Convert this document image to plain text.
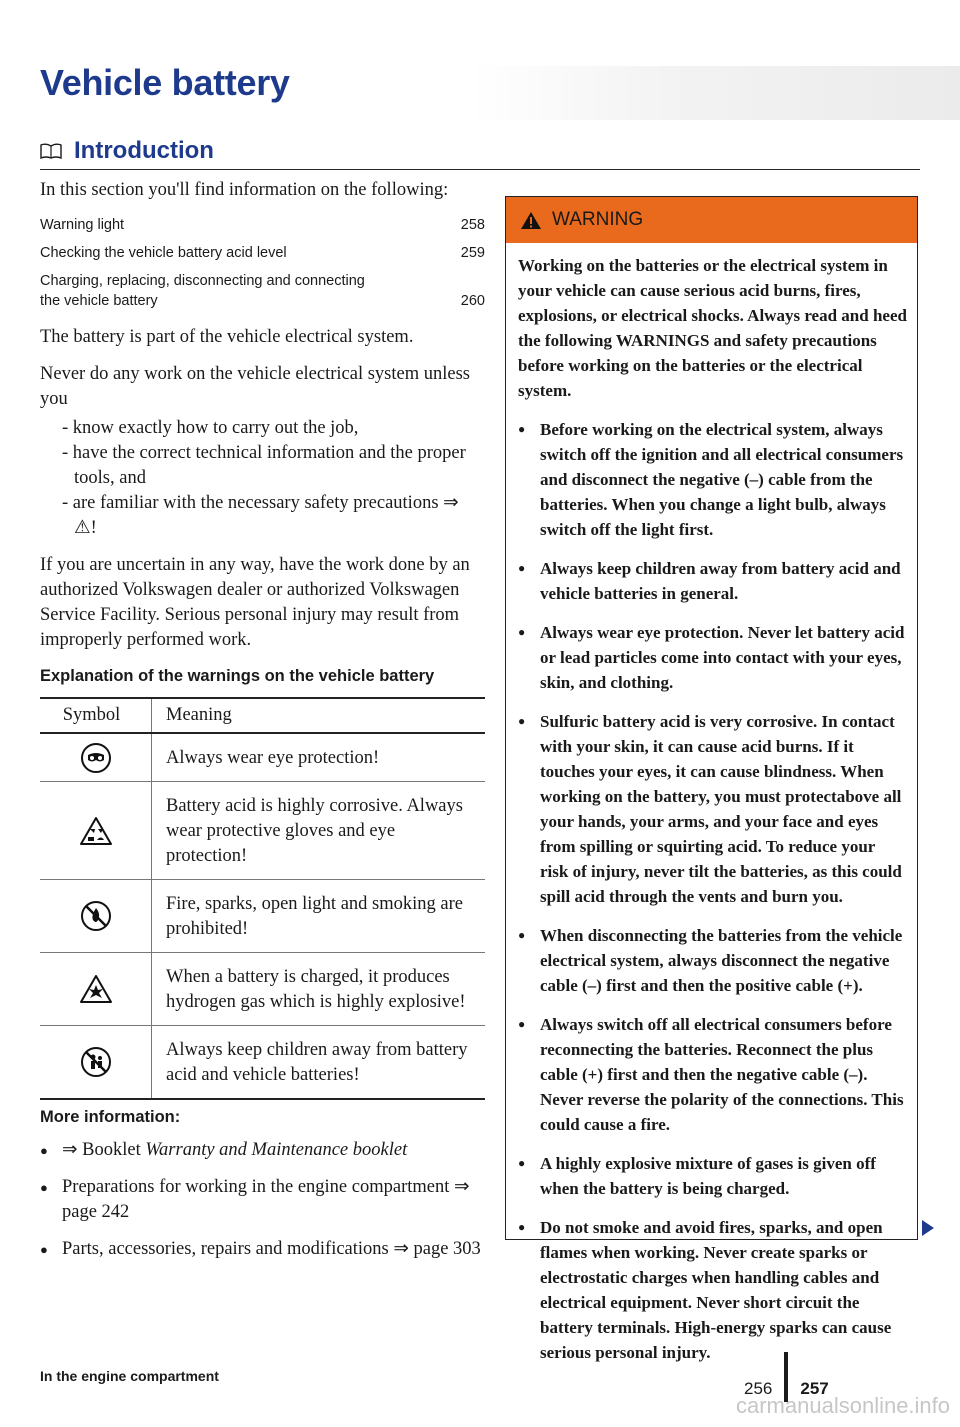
Vehicle battery
Introduction

In this section you'll find information on the following:

Warning light	258
Checking the vehicle battery acid level	259
Charging, replacing, disconnecting and connecting
the vehicle battery	260

The battery is part of the vehicle electrical system.

Never do any work on the vehicle electrical system unless you

- know exactly how to carry out the job,
- have the correct technical information and the proper tools, and
- are familiar with the necessary safety precautions ⇒ ⚠!

If you are uncertain in any way, have the work done by an authorized Volkswagen dealer or authorized Volkswagen Service Facility. Serious personal injury may result from improperly performed work.

Explanation of the warnings on the vehicle battery
Symbol	Meaning

	Always wear eye protection!

	Battery acid is highly corrosive. Always wear protective gloves and eye protection!

	Fire, sparks, open light and smoking are prohibited!

	When a battery is charged, it produces hydrogen gas which is highly explosive!

	Always keep children away from battery acid and vehicle batteries!
More information:
● ⇒ Booklet Warranty and Maintenance booklet
● Preparations for working in the engine compartment ⇒ page 242
● Parts, accessories, repairs and modifications ⇒ page 303
In the engine compartment
WARNING

Working on the batteries or the electrical system in your vehicle can cause serious acid burns, fires, explosions, or electrical shocks. Always read and heed the following WARNINGS and safety precautions before working on the batteries or the electrical system.

● Before working on the electrical system, always switch off the ignition and all electrical consumers and disconnect the negative (–) cable from the batteries. When you change a light bulb, always switch off the light first.
● Always keep children away from battery acid and vehicle batteries in general.
● Always wear eye protection. Never let battery acid or lead particles come into contact with your eyes, skin, and clothing.
● Sulfuric battery acid is very corrosive. In contact with your skin, it can cause acid burns. If it touches your eyes, it can cause blindness. When working on the battery, you must protectabove all your hands, your arms, and your face and eyes from spilling or squirting acid. To reduce your risk of injury, never tilt the batteries, as this could spill acid through the vents and burn you.
● When disconnecting the batteries from the vehicle electrical system, always disconnect the negative cable (–) first and then the positive cable (+).
● Always switch off all electrical consumers before reconnecting the batteries. Reconnect the plus cable (+) first and then the negative cable (–). Never reverse the polarity of the connections. This could cause a fire.
● A highly explosive mixture of gases is given off when the battery is being charged.
● Do not smoke and avoid fires, sparks, and open flames when working. Never create sparks or electrostatic charges when handling cables and electrical equipment. Never short circuit the battery terminals. High-energy sparks can cause serious personal injury.
256 257
carmanualsonline.info
